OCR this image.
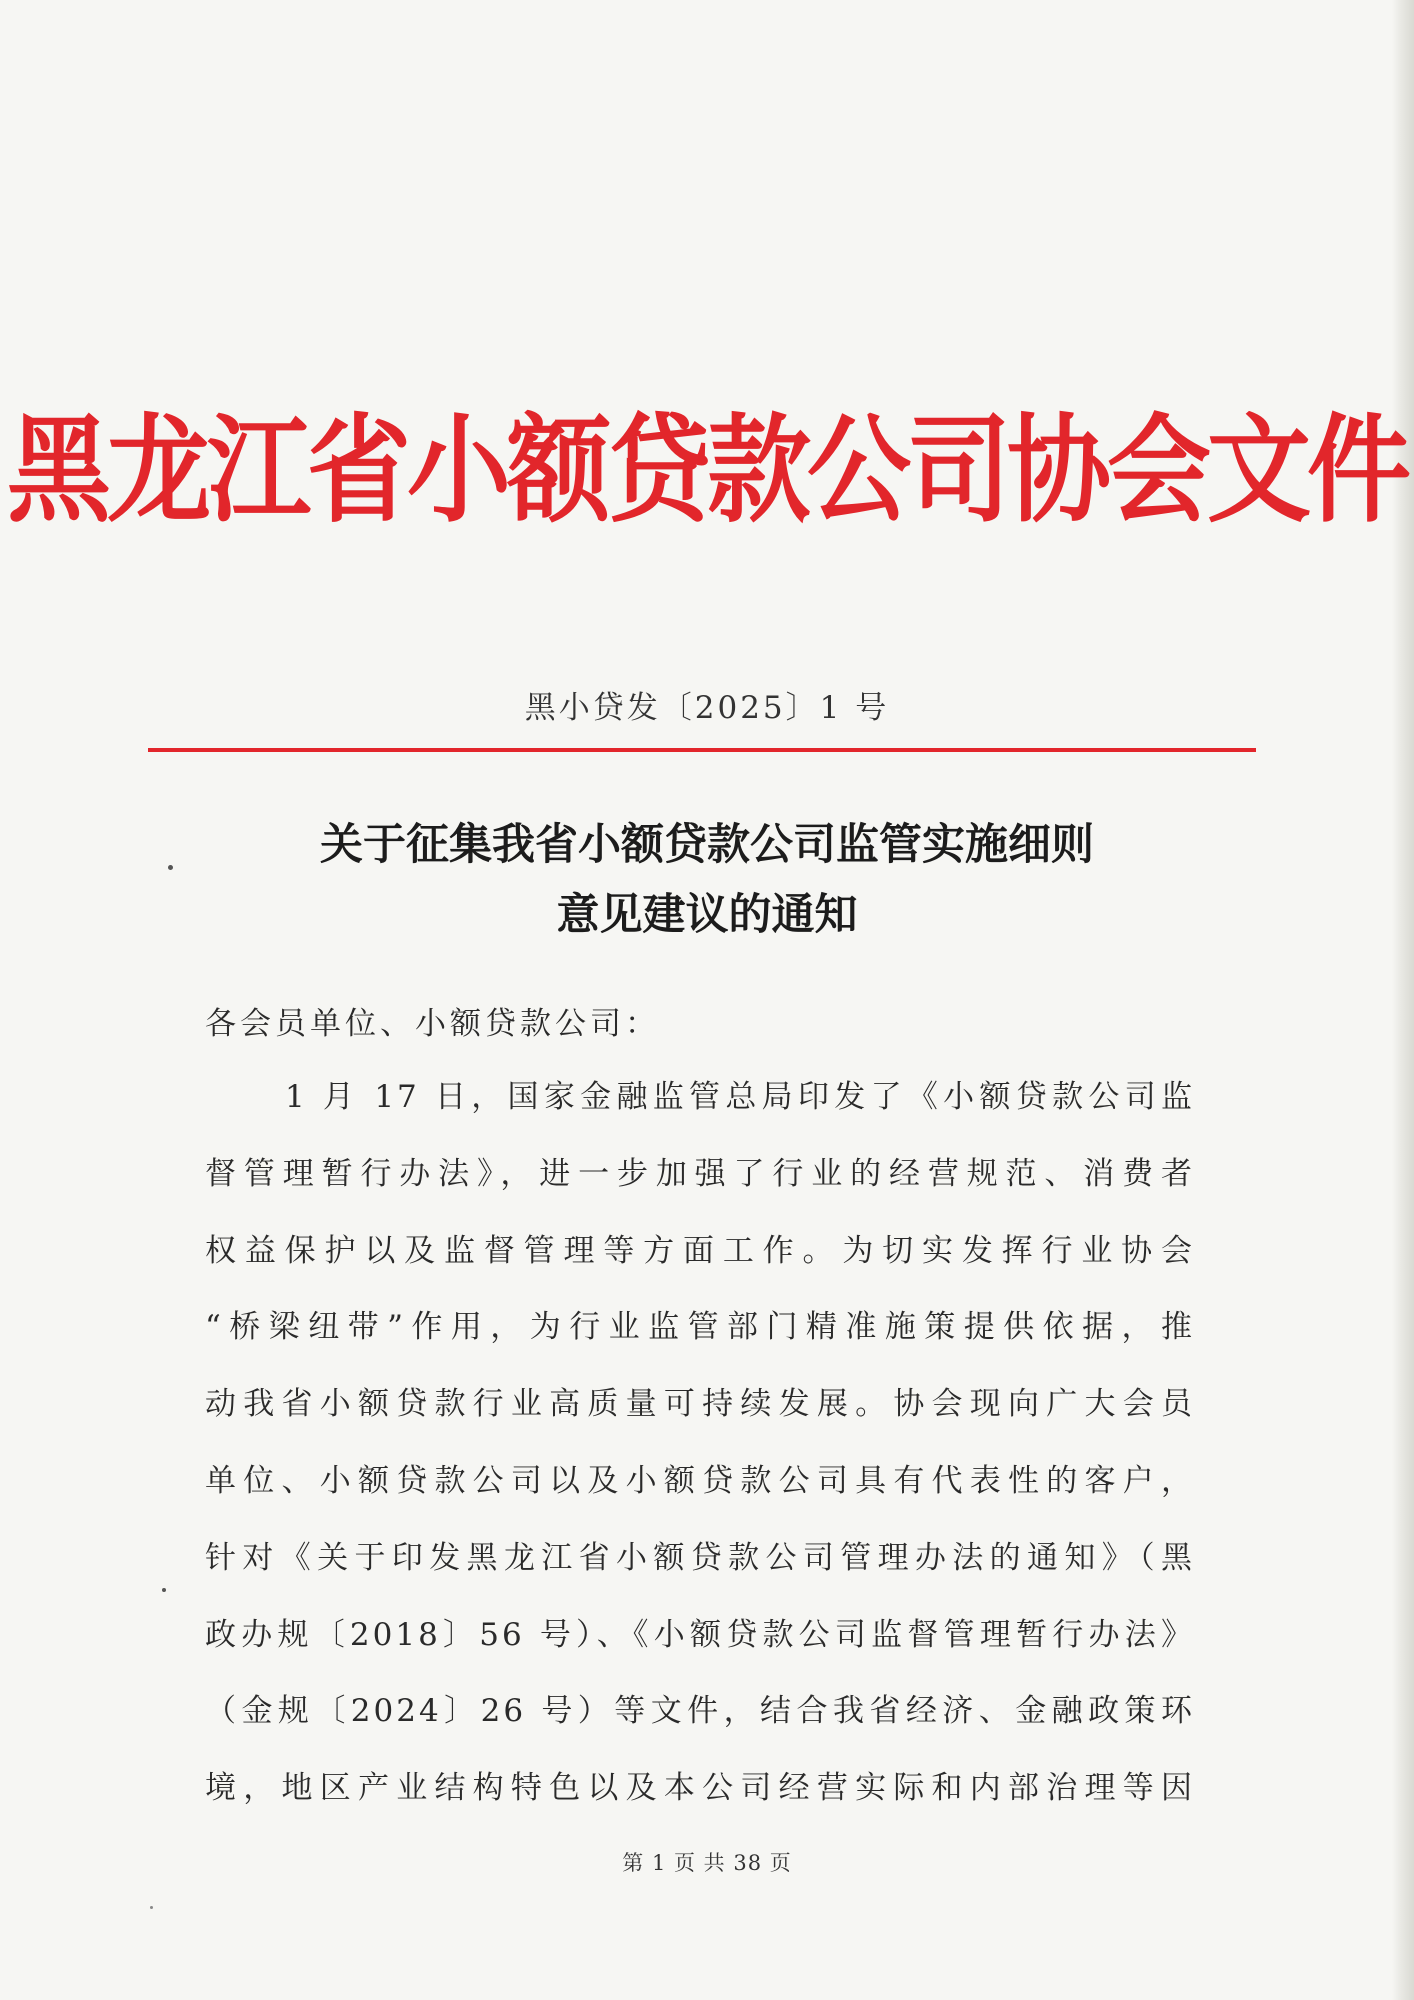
黑龙江省小额贷款公司协会文件
黑小贷发〔2025〕1 号
关于征集我省小额贷款公司监管实施细则
意见建议的通知
各会员单位、小额贷款公司：
1 月 17 日，国家金融监管总局印发了《小额贷款公司监
督管理暂行办法》，进一步加强了行业的经营规范、消费者
权益保护以及监督管理等方面工作。为切实发挥行业协会
“桥梁纽带”作用，为行业监管部门精准施策提供依据，推
动我省小额贷款行业高质量可持续发展。协会现向广大会员
单位、小额贷款公司以及小额贷款公司具有代表性的客户，
针对《关于印发黑龙江省小额贷款公司管理办法的通知》（黑
政办规〔2018〕56 号）、《小额贷款公司监督管理暂行办法》
（金规〔2024〕26 号）等文件，结合我省经济、金融政策环
境，地区产业结构特色以及本公司经营实际和内部治理等因
第 1 页 共 38 页
